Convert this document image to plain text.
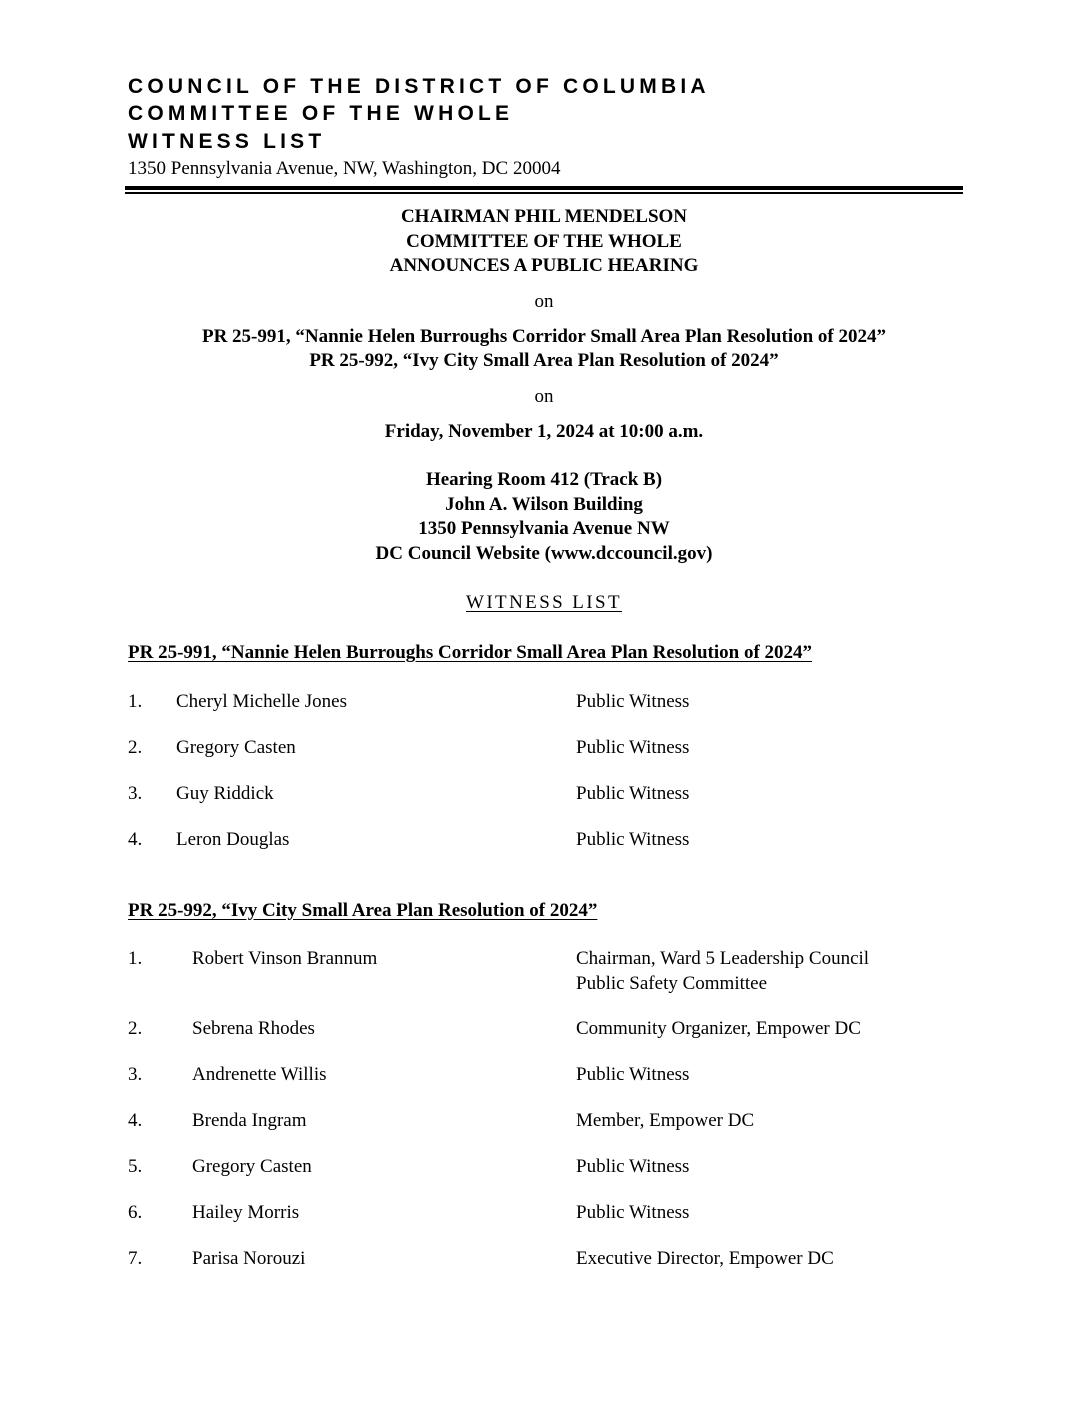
COUNCIL OF THE DISTRICT OF COLUMBIA
COMMITTEE OF THE WHOLE
WITNESS LIST
1350 Pennsylvania Avenue, NW, Washington, DC 20004
CHAIRMAN PHIL MENDELSON
COMMITTEE OF THE WHOLE
ANNOUNCES A PUBLIC HEARING
on
PR 25-991, “Nannie Helen Burroughs Corridor Small Area Plan Resolution of 2024”
PR 25-992, “Ivy City Small Area Plan Resolution of 2024”
on
Friday, November 1, 2024 at 10:00 a.m.
Hearing Room 412 (Track B)
John A. Wilson Building
1350 Pennsylvania Avenue NW
DC Council Website (www.dccouncil.gov)
WITNESS LIST
PR 25-991, “Nannie Helen Burroughs Corridor Small Area Plan Resolution of 2024”
1. Cheryl Michelle Jones	Public Witness
2. Gregory Casten	Public Witness
3. Guy Riddick	Public Witness
4. Leron Douglas	Public Witness
PR 25-992, “Ivy City Small Area Plan Resolution of 2024”
1.	Robert Vinson Brannum	Chairman, Ward 5 Leadership Council
Public Safety Committee
2.	Sebrena Rhodes	Community Organizer, Empower DC
3.	Andrenette Willis	Public Witness
4.	Brenda Ingram	Member, Empower DC
5.	Gregory Casten	Public Witness
6.	Hailey Morris	Public Witness
7.	Parisa Norouzi	Executive Director, Empower DC
